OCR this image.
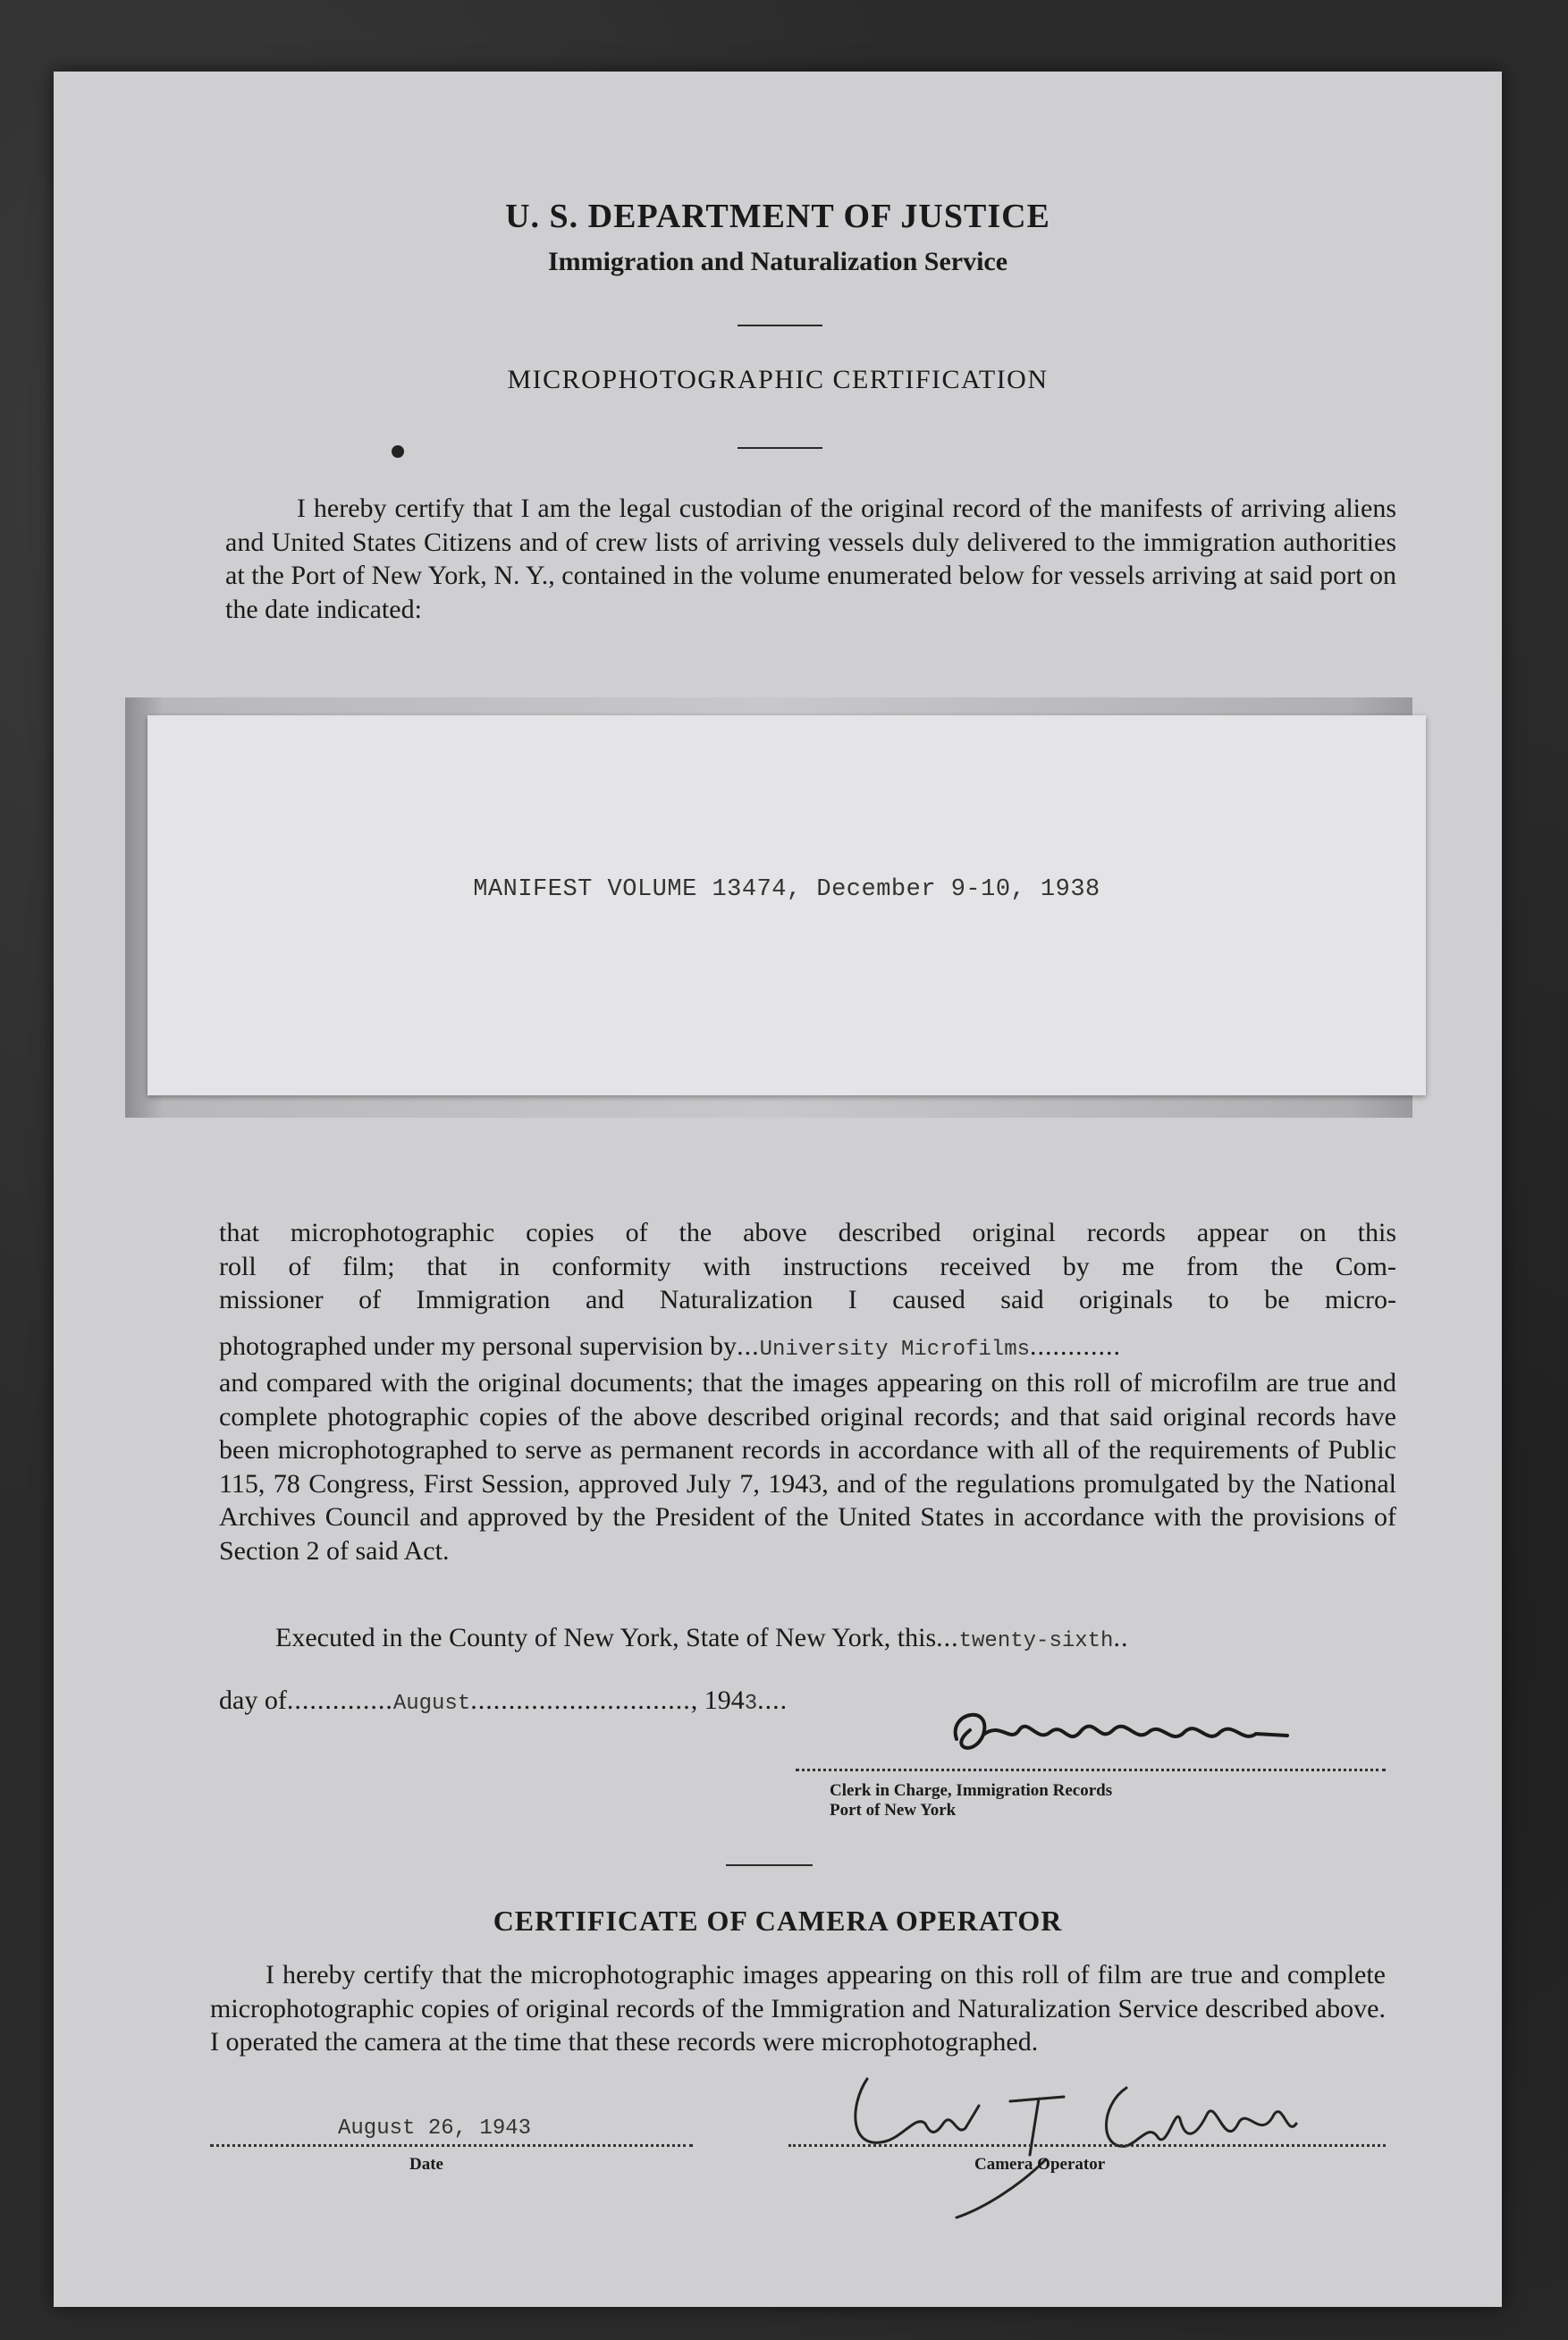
U. S. DEPARTMENT OF JUSTICE
Immigration and Naturalization Service
MICROPHOTOGRAPHIC CERTIFICATION
I hereby certify that I am the legal custodian of the original record of the manifests of arriving aliens and United States Citizens and of crew lists of arriving vessels duly delivered to the immigration authorities at the Port of New York, N. Y., contained in the volume enumerated below for vessels arriving at said port on the date indicated:
MANIFEST VOLUME 13474, December 9-10, 1938
that microphotographic copies of the above described original records appear on this
roll of film; that in conformity with instructions received by me from the Com-
missioner of Immigration and Naturalization I caused said originals to be micro-
photographed under my personal supervision by...University Microfilms............
and compared with the original documents; that the images appearing on this roll of microfilm are true and complete photographic copies of the above described original records; and that said original records have been microphotographed to serve as permanent records in accordance with all of the requirements of Public 115, 78 Congress, First Session, approved July 7, 1943, and of the regulations promulgated by the National Archives Council and approved by the President of the United States in accordance with the provisions of Section 2 of said Act.
Executed in the County of New York, State of New York, this...twenty-sixth..
day of..............August............................., 1943....
Clerk in Charge, Immigration Records
Port of New York
CERTIFICATE OF CAMERA OPERATOR
I hereby certify that the microphotographic images appearing on this roll of film are true and complete microphotographic copies of original records of the Immigration and Naturalization Service described above. I operated the camera at the time that these records were microphotographed.
August 26, 1943
Date	Camera Operator
